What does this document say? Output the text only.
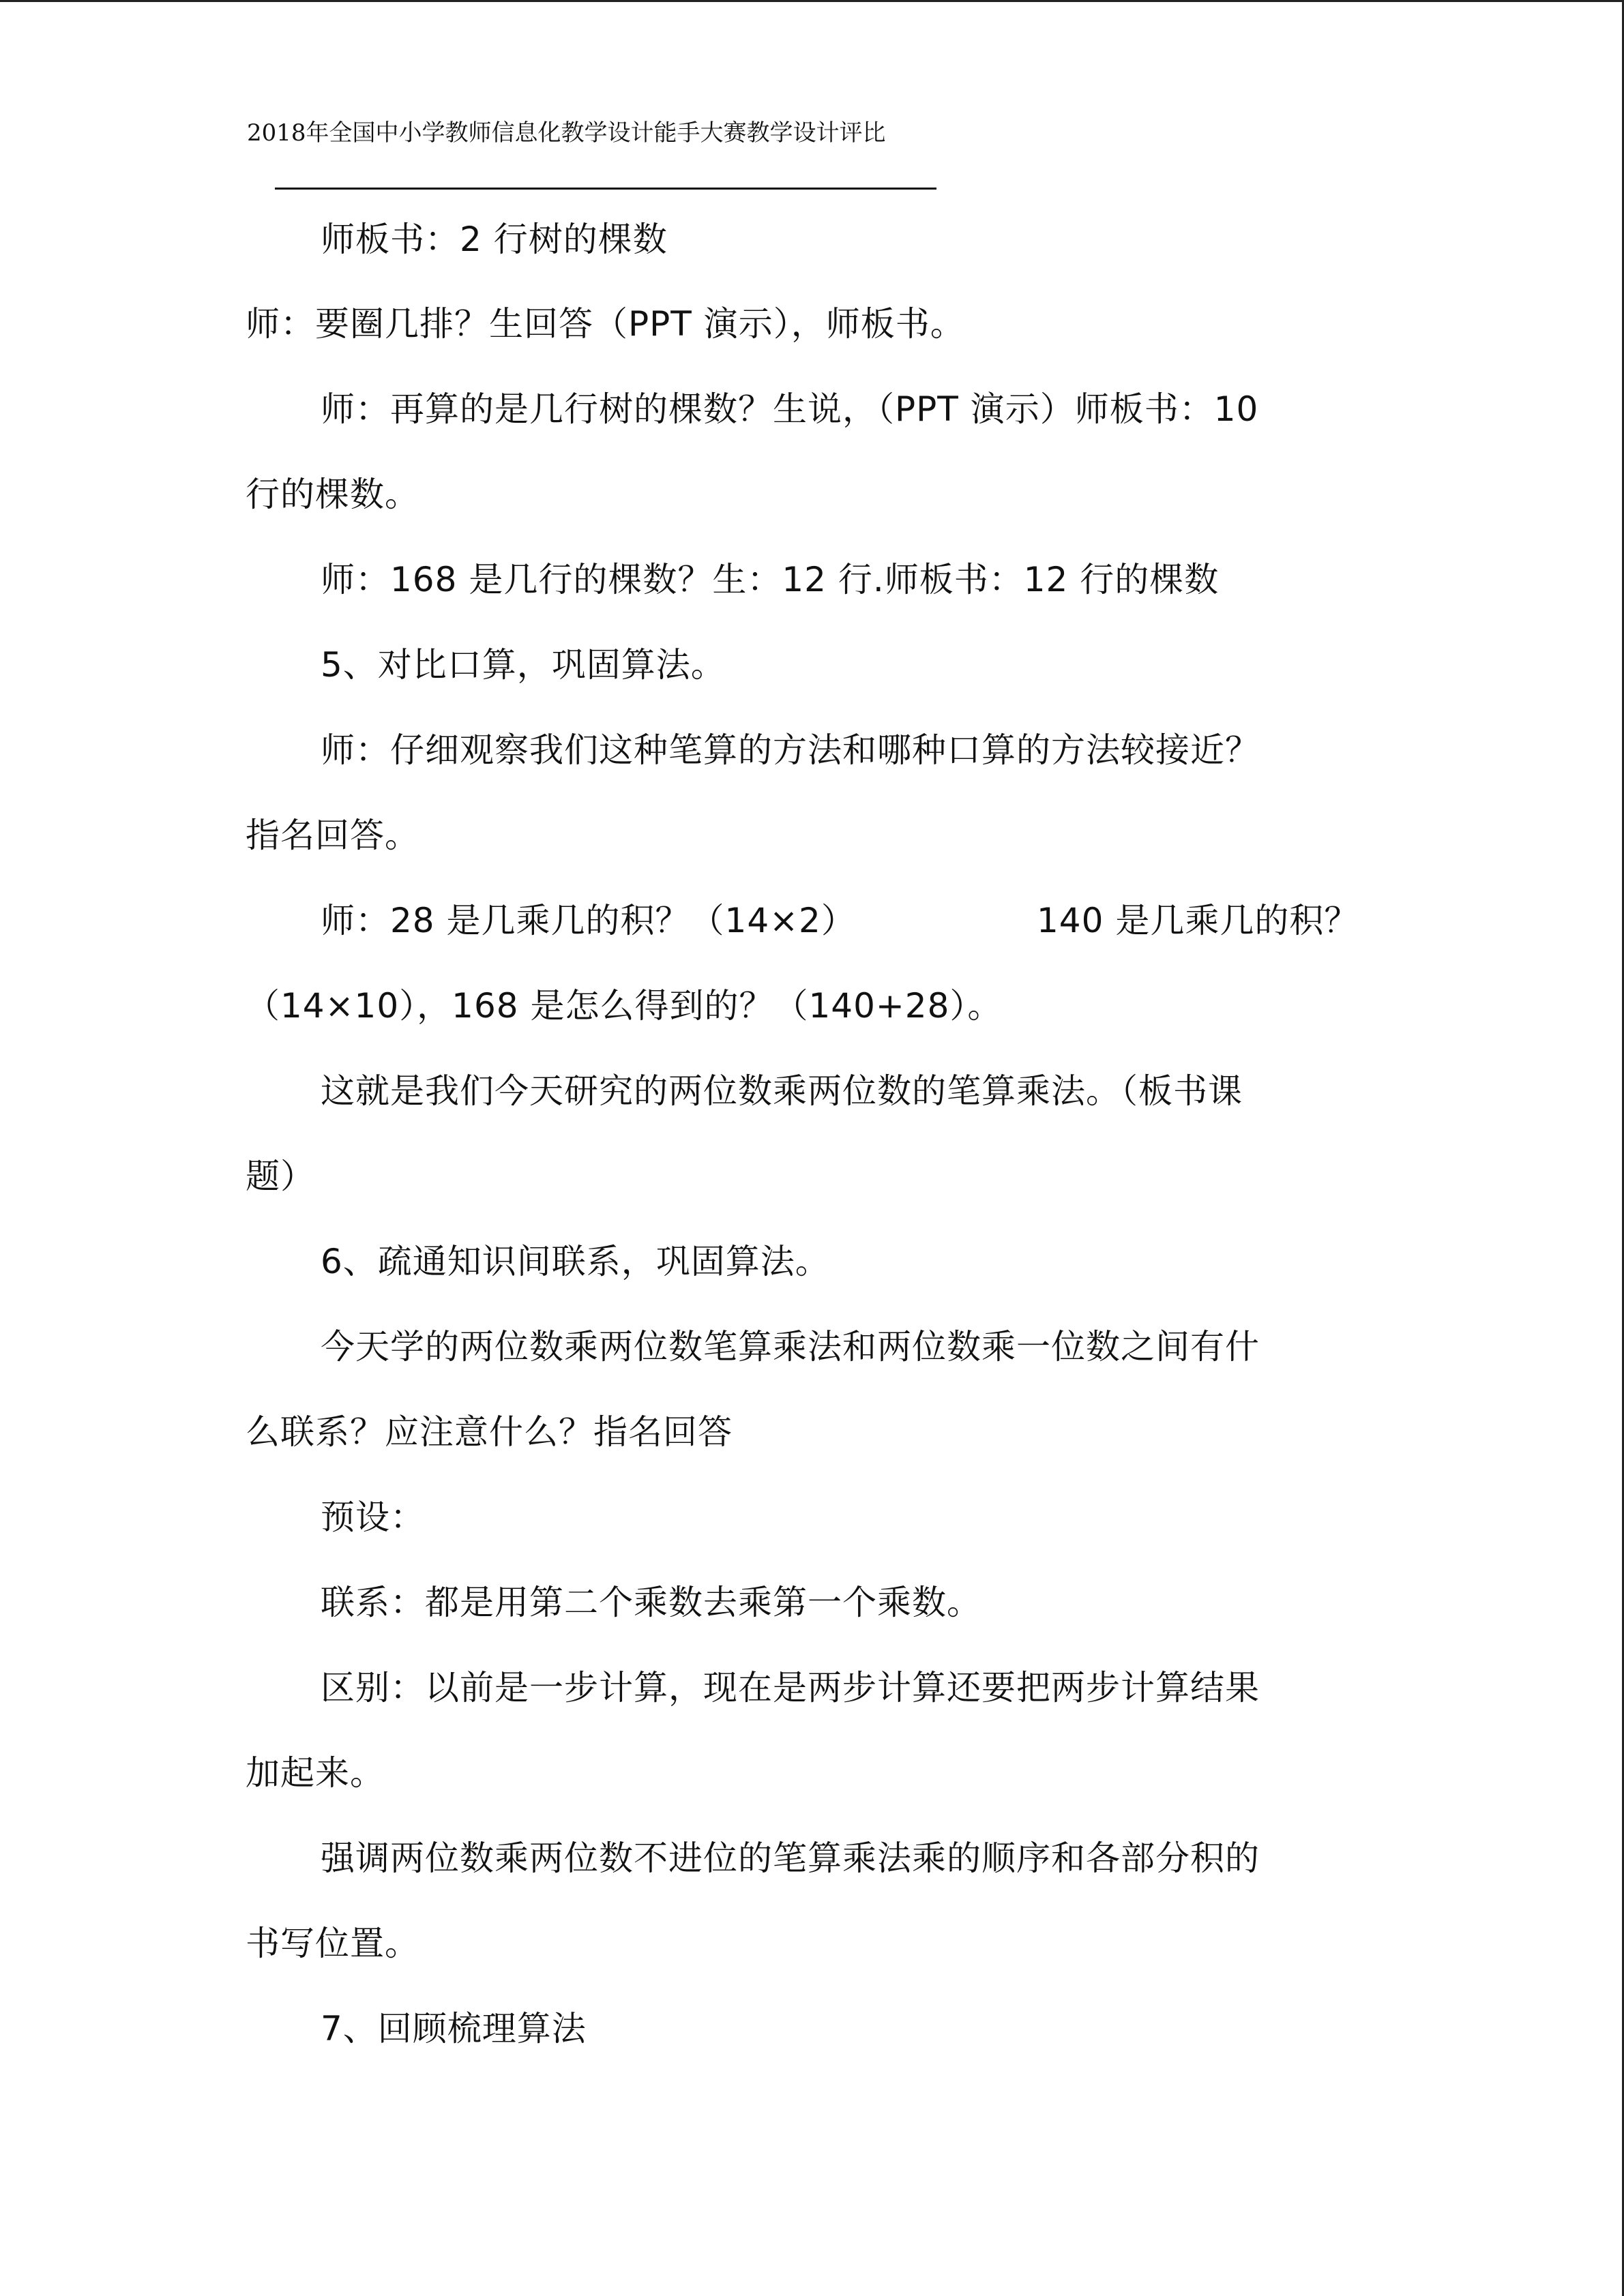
2018年全国中小学教师信息化教学设计能手大赛教学设计评比
师板书：2 行树的棵数
师：要圈几排？生回答（PPT 演示），师板书。
师：再算的是几行树的棵数？生说，（PPT 演示）师板书：10
行的棵数。
师：168 是几行的棵数？生：12 行.师板书：12 行的棵数
5、对比口算，巩固算法。
师：仔细观察我们这种笔算的方法和哪种口算的方法较接近？
指名回答。
师：28 是几乘几的积？（14×2）	140 是几乘几的积？
（14×10），168 是怎么得到的？（140+28）。
这就是我们今天研究的两位数乘两位数的笔算乘法。（板书课
题）
6、疏通知识间联系，巩固算法。
今天学的两位数乘两位数笔算乘法和两位数乘一位数之间有什
么联系？应注意什么？指名回答
预设：
联系：都是用第二个乘数去乘第一个乘数。
区别：以前是一步计算，现在是两步计算还要把两步计算结果
加起来。
强调两位数乘两位数不进位的笔算乘法乘的顺序和各部分积的
书写位置。
7、回顾梳理算法
